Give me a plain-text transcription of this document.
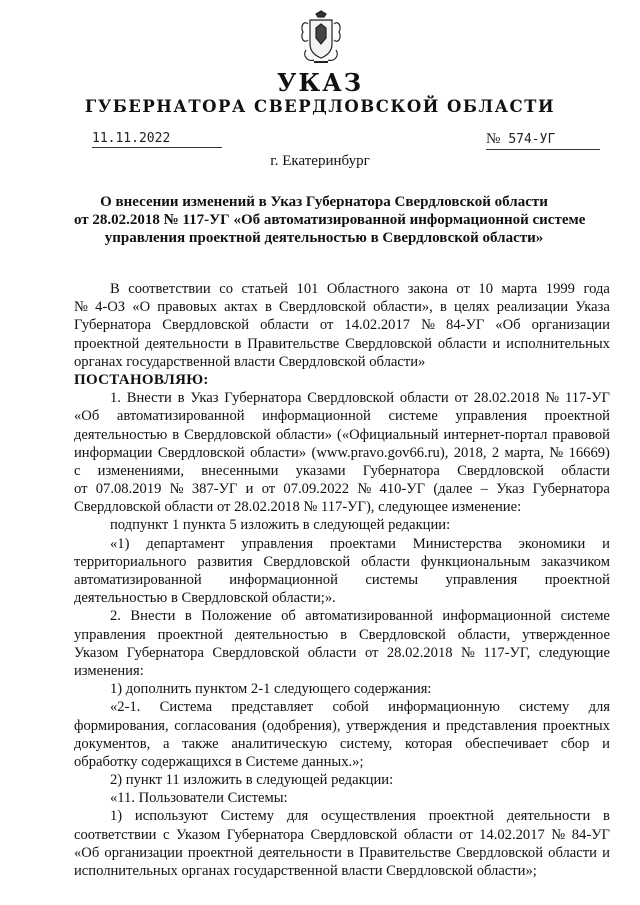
УКАЗ
ГУБЕРНАТОРА СВЕРДЛОВСКОЙ ОБЛАСТИ
11.11.2022	№ 574-УГ
г. Екатеринбург
О внесении изменений в Указ Губернатора Свердловской области
от 28.02.2018 № 117-УГ «Об автоматизированной информационной системе
управления проектной деятельностью в Свердловской области»
В соответствии со статьей 101 Областного закона от 10 марта 1999 года
№ 4-ОЗ «О правовых актах в Свердловской области», в целях реализации Указа
Губернатора Свердловской области от 14.02.2017 № 84-УГ «Об организации
проектной деятельности в Правительстве Свердловской области и исполнительных
органах государственной власти Свердловской области»
ПОСТАНОВЛЯЮ:
1. Внести в Указ Губернатора Свердловской области от 28.02.2018 № 117-УГ
«Об автоматизированной информационной системе управления проектной
деятельностью в Свердловской области» («Официальный интернет-портал правовой
информации Свердловской области» (www.pravo.gov66.ru), 2018, 2 марта, № 16669)
с изменениями, внесенными указами Губернатора Свердловской области
от 07.08.2019 № 387-УГ и от 07.09.2022 № 410-УГ (далее – Указ Губернатора
Свердловской области от 28.02.2018 № 117-УГ), следующее изменение:
подпункт 1 пункта 5 изложить в следующей редакции:
«1) департамент управления проектами Министерства экономики и
территориального развития Свердловской области функциональным заказчиком
автоматизированной информационной системы управления проектной
деятельностью в Свердловской области;».
2. Внести в Положение об автоматизированной информационной системе
управления проектной деятельностью в Свердловской области, утвержденное
Указом Губернатора Свердловской области от 28.02.2018 № 117-УГ, следующие
изменения:
1) дополнить пунктом 2-1 следующего содержания:
«2-1. Система представляет собой информационную систему для
формирования, согласования (одобрения), утверждения и представления проектных
документов, а также аналитическую систему, которая обеспечивает сбор и
обработку содержащихся в Системе данных.»;
2) пункт 11 изложить в следующей редакции:
«11. Пользователи Системы:
1) используют Систему для осуществления проектной деятельности в
соответствии с Указом Губернатора Свердловской области от 14.02.2017 № 84-УГ
«Об организации проектной деятельности в Правительстве Свердловской области и
исполнительных органах государственной власти Свердловской области»;
